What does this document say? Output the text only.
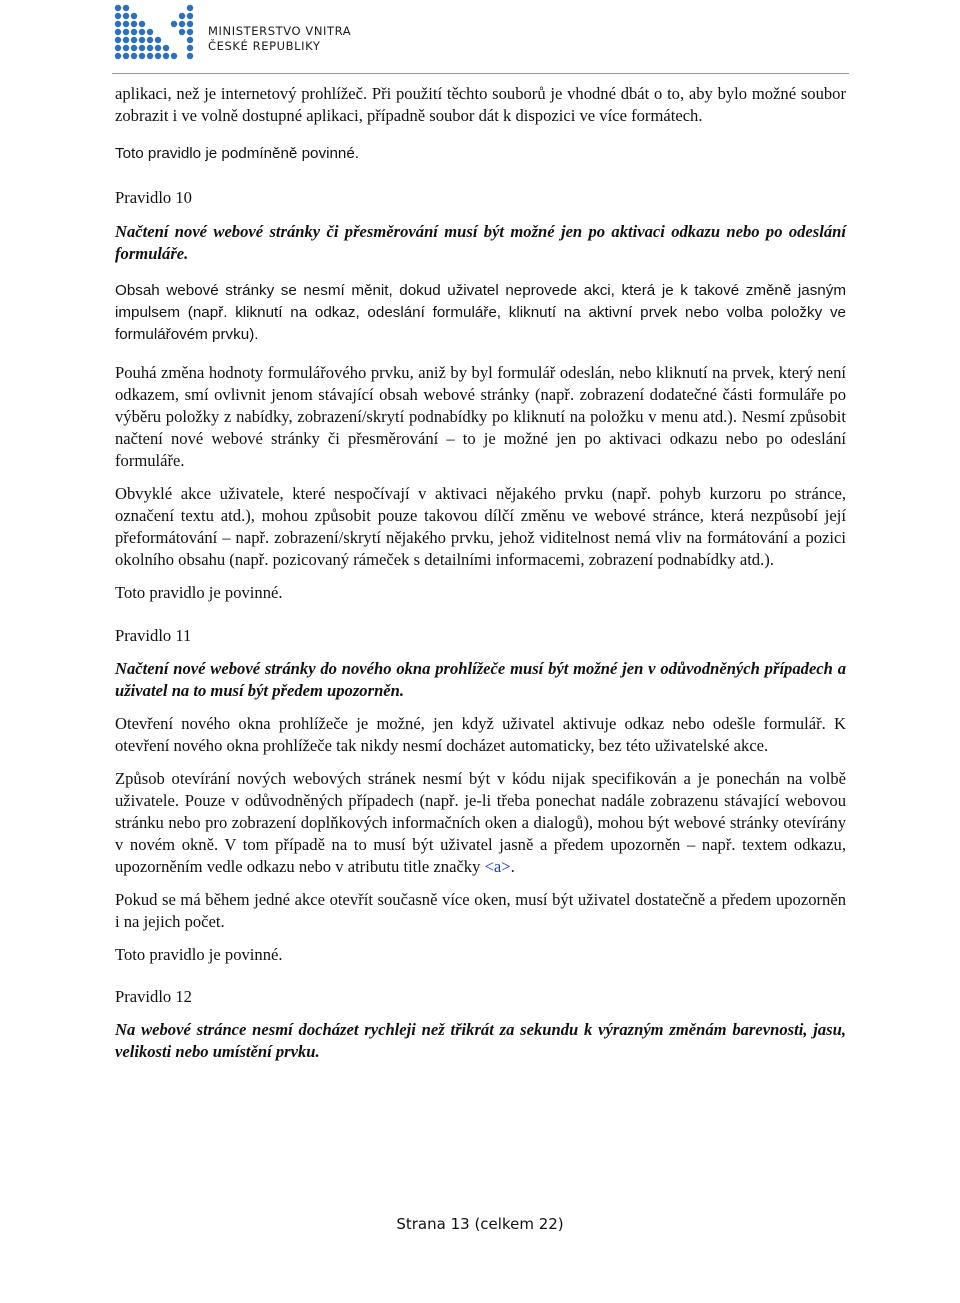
MINISTERSTVO VNITRA
ČESKÉ REPUBLIKY

aplikaci, než je internetový prohlížeč. Při použití těchto souborů je vhodné dbát o to, aby bylo možné soubor zobrazit i ve volně dostupné aplikaci, případně soubor dát k dispozici ve více formátech.

Toto pravidlo je podmíněně povinné.

Pravidlo 10

Načtení nové webové stránky či přesměrování musí být možné jen po aktivaci odkazu nebo po odeslání formuláře.

Obsah webové stránky se nesmí měnit, dokud uživatel neprovede akci, která je k takové změně jasným impulsem (např. kliknutí na odkaz, odeslání formuláře, kliknutí na aktivní prvek nebo volba položky ve formulářovém prvku).

Pouhá změna hodnoty formulářového prvku, aniž by byl formulář odeslán, nebo kliknutí na prvek, který není odkazem, smí ovlivnit jenom stávající obsah webové stránky (např. zobrazení dodatečné části formuláře po výběru položky z nabídky, zobrazení/skrytí podnabídky po kliknutí na položku v menu atd.). Nesmí způsobit načtení nové webové stránky či přesměrování – to je možné jen po aktivaci odkazu nebo po odeslání formuláře.

Obvyklé akce uživatele, které nespočívají v aktivaci nějakého prvku (např. pohyb kurzoru po stránce, označení textu atd.), mohou způsobit pouze takovou dílčí změnu ve webové stránce, která nezpůsobí její přeformátování – např. zobrazení/skrytí nějakého prvku, jehož viditelnost nemá vliv na formátování a pozici okolního obsahu (např. pozicovaný rámeček s detailními informacemi, zobrazení podnabídky atd.).

Toto pravidlo je povinné.

Pravidlo 11

Načtení nové webové stránky do nového okna prohlížeče musí být možné jen v odůvodněných případech a uživatel na to musí být předem upozorněn.

Otevření nového okna prohlížeče je možné, jen když uživatel aktivuje odkaz nebo odešle formulář. K otevření nového okna prohlížeče tak nikdy nesmí docházet automaticky, bez této uživatelské akce.

Způsob otevírání nových webových stránek nesmí být v kódu nijak specifikován a je ponechán na volbě uživatele. Pouze v odůvodněných případech (např. je-li třeba ponechat nadále zobrazenu stávající webovou stránku nebo pro zobrazení doplňkových informačních oken a dialogů), mohou být webové stránky otevírány v novém okně. V tom případě na to musí být uživatel jasně a předem upozorněn – např. textem odkazu, upozorněním vedle odkazu nebo v atributu title značky <a>.

Pokud se má během jedné akce otevřít současně více oken, musí být uživatel dostatečně a předem upozorněn i na jejich počet.

Toto pravidlo je povinné.

Pravidlo 12

Na webové stránce nesmí docházet rychleji než třikrát za sekundu k výrazným změnám barevnosti, jasu, velikosti nebo umístění prvku.

Strana 13 (celkem 22)
